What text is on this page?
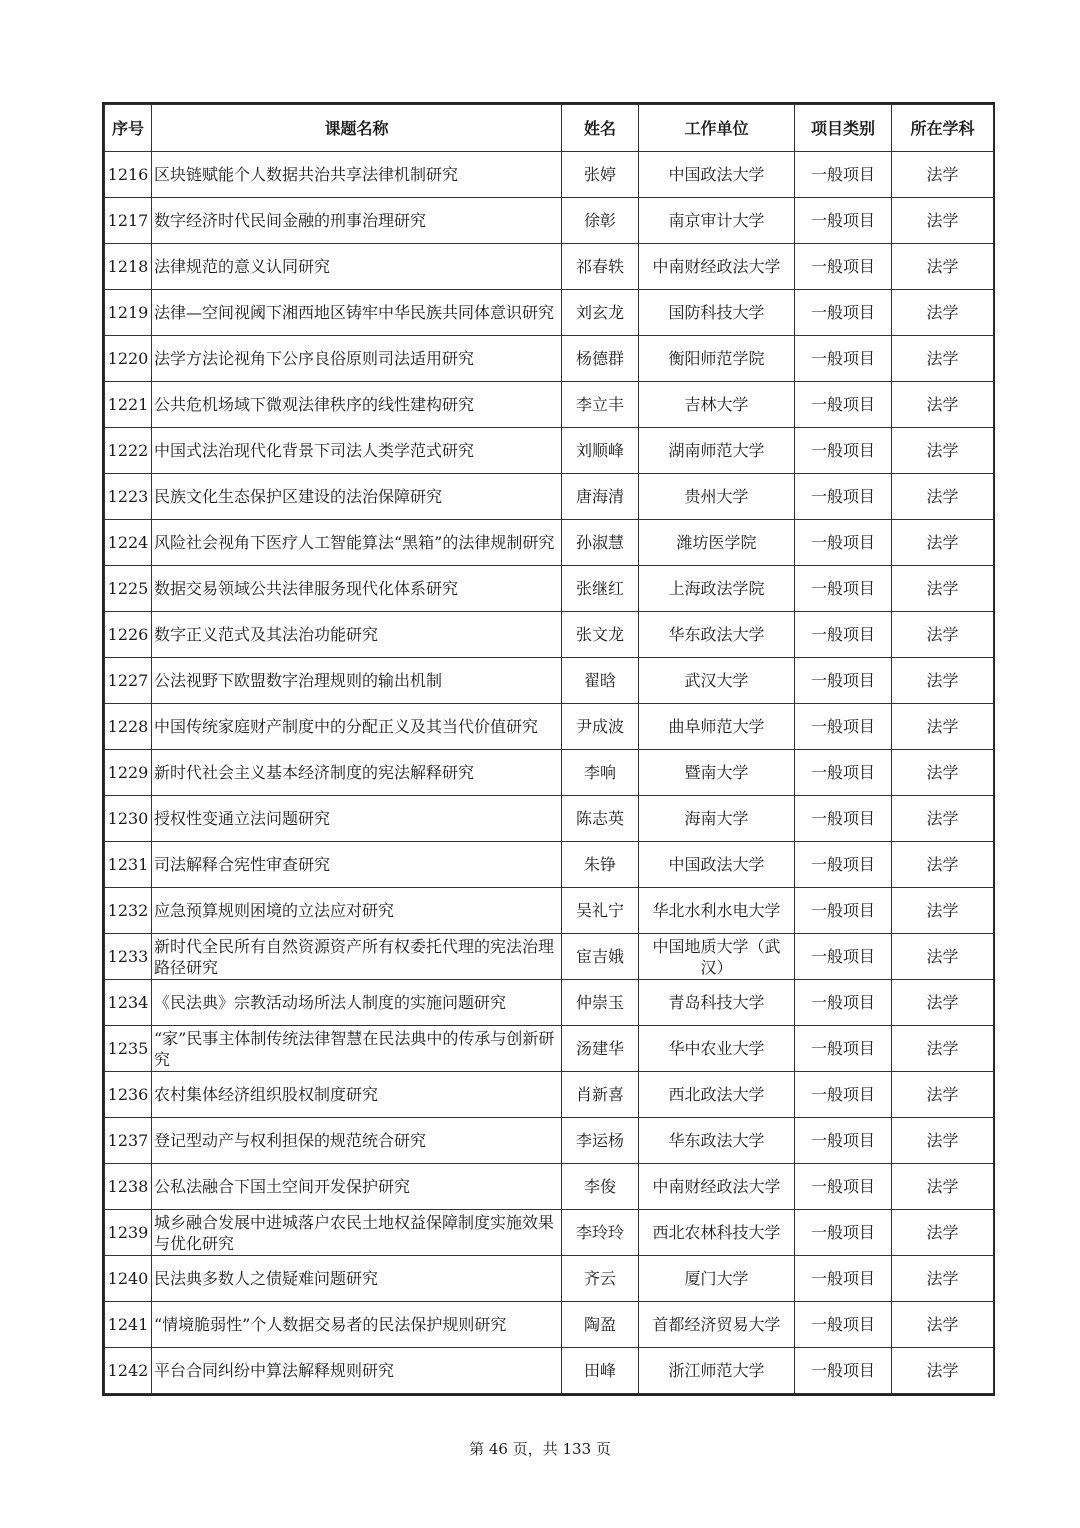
序号	课题名称	姓名	工作单位	项目类别	所在学科
1216	区块链赋能个人数据共治共享法律机制研究	张婷	中国政法大学	一般项目	法学
1217	数字经济时代民间金融的刑事治理研究	徐彰	南京审计大学	一般项目	法学
1218	法律规范的意义认同研究	祁春轶	中南财经政法大学	一般项目	法学
1219	法律—空间视阈下湘西地区铸牢中华民族共同体意识研究	刘玄龙	国防科技大学	一般项目	法学
1220	法学方法论视角下公序良俗原则司法适用研究	杨德群	衡阳师范学院	一般项目	法学
1221	公共危机场域下微观法律秩序的线性建构研究	李立丰	吉林大学	一般项目	法学
1222	中国式法治现代化背景下司法人类学范式研究	刘顺峰	湖南师范大学	一般项目	法学
1223	民族文化生态保护区建设的法治保障研究	唐海清	贵州大学	一般项目	法学
1224	风险社会视角下医疗人工智能算法“黑箱”的法律规制研究	孙淑慧	潍坊医学院	一般项目	法学
1225	数据交易领域公共法律服务现代化体系研究	张继红	上海政法学院	一般项目	法学
1226	数字正义范式及其法治功能研究	张文龙	华东政法大学	一般项目	法学
1227	公法视野下欧盟数字治理规则的输出机制	翟晗	武汉大学	一般项目	法学
1228	中国传统家庭财产制度中的分配正义及其当代价值研究	尹成波	曲阜师范大学	一般项目	法学
1229	新时代社会主义基本经济制度的宪法解释研究	李响	暨南大学	一般项目	法学
1230	授权性变通立法问题研究	陈志英	海南大学	一般项目	法学
1231	司法解释合宪性审查研究	朱铮	中国政法大学	一般项目	法学
1232	应急预算规则困境的立法应对研究	吴礼宁	华北水利水电大学	一般项目	法学
1233	新时代全民所有自然资源资产所有权委托代理的宪法治理路径研究	宦吉娥	中国地质大学（武汉）	一般项目	法学
1234	《民法典》宗教活动场所法人制度的实施问题研究	仲崇玉	青岛科技大学	一般项目	法学
1235	“家”民事主体制传统法律智慧在民法典中的传承与创新研究	汤建华	华中农业大学	一般项目	法学
1236	农村集体经济组织股权制度研究	肖新喜	西北政法大学	一般项目	法学
1237	登记型动产与权利担保的规范统合研究	李运杨	华东政法大学	一般项目	法学
1238	公私法融合下国土空间开发保护研究	李俊	中南财经政法大学	一般项目	法学
1239	城乡融合发展中进城落户农民土地权益保障制度实施效果与优化研究	李玲玲	西北农林科技大学	一般项目	法学
1240	民法典多数人之债疑难问题研究	齐云	厦门大学	一般项目	法学
1241	“情境脆弱性”个人数据交易者的民法保护规则研究	陶盈	首都经济贸易大学	一般项目	法学
1242	平台合同纠纷中算法解释规则研究	田峰	浙江师范大学	一般项目	法学
第 46 页，共 133 页
